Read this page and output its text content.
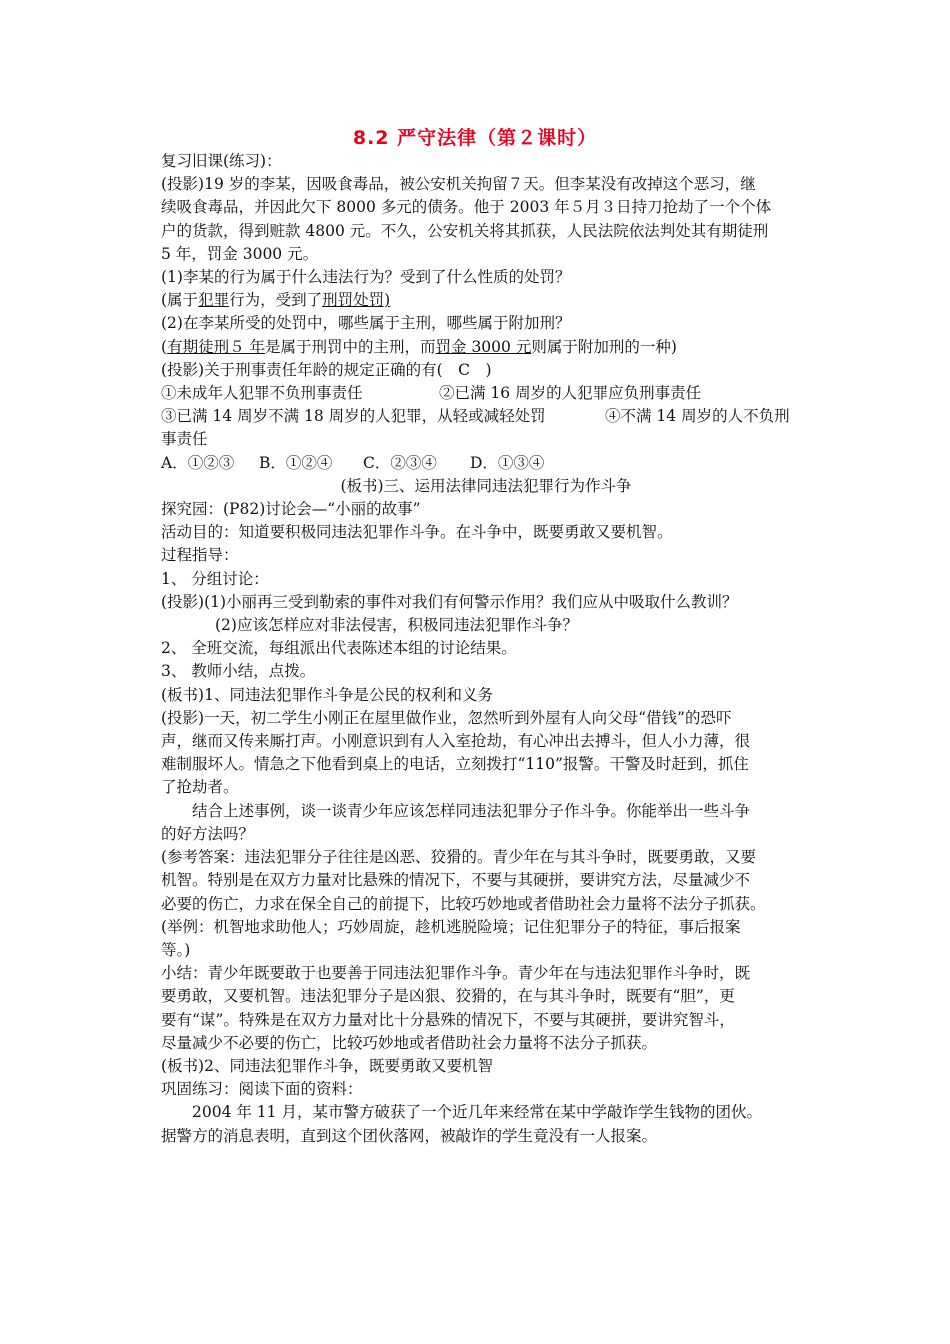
8.2 严守法律（第２课时）

复习旧课(练习)：

(投影)19 岁的李某，因吸食毒品，被公安机关拘留７天。但李某没有改掉这个恶习，继

续吸食毒品，并因此欠下 8000 多元的债务。他于 2003 年５月３日持刀抢劫了一个个体

户的货款，得到赃款 4800 元。不久，公安机关将其抓获，人民法院依法判处其有期徒刑

5 年，罚金 3000 元。

(1)李某的行为属于什么违法行为？受到了什么性质的处罚？

(属于犯罪行为，受到了刑罚处罚)

(2)在李某所受的处罚中，哪些属于主刑，哪些属于附加刑？

(有期徒刑５ 年是属于刑罚中的主刑，而罚金 3000 元则属于附加刑的一种)

(投影)关于刑事责任年龄的规定正确的有(　C　)

①未成年人犯罪不负刑事责任	②已满 16 周岁的人犯罪应负刑事责任

③已满 14 周岁不满 18 周岁的人犯罪，从轻或减轻处罚	④不满 14 周岁的人不负刑

事责任

A．①②③ B．①②④ C．②③④ D．①③④

(板书)三、运用法律同违法犯罪行为作斗争

探究园：(P82)讨论会—“小丽的故事”

活动目的：知道要积极同违法犯罪作斗争。在斗争中，既要勇敢又要机智。

过程指导：

1、 分组讨论：

(投影)(1)小丽再三受到勒索的事件对我们有何警示作用？我们应从中吸取什么教训？

(2)应该怎样应对非法侵害，积极同违法犯罪作斗争？

2、 全班交流，每组派出代表陈述本组的讨论结果。

3、 教师小结，点拨。

(板书)1、同违法犯罪作斗争是公民的权利和义务

(投影)一天，初二学生小刚正在屋里做作业，忽然听到外屋有人向父母“借钱”的恐吓

声，继而又传来厮打声。小刚意识到有人入室抢劫，有心冲出去搏斗，但人小力薄，很

难制服坏人。情急之下他看到桌上的电话，立刻拨打“110”报警。干警及时赶到，抓住

了抢劫者。

结合上述事例，谈一谈青少年应该怎样同违法犯罪分子作斗争。你能举出一些斗争

的好方法吗？

(参考答案：违法犯罪分子往往是凶恶、狡猾的。青少年在与其斗争时，既要勇敢，又要

机智。特别是在双方力量对比悬殊的情况下，不要与其硬拼，要讲究方法，尽量减少不

必要的伤亡，力求在保全自己的前提下，比较巧妙地或者借助社会力量将不法分子抓获。

(举例：机智地求助他人；巧妙周旋，趁机逃脱险境；记住犯罪分子的特征，事后报案

等。)

小结：青少年既要敢于也要善于同违法犯罪作斗争。青少年在与违法犯罪作斗争时，既

要勇敢，又要机智。违法犯罪分子是凶狠、狡猾的，在与其斗争时，既要有“胆”，更

要有“谋”。特殊是在双方力量对比十分悬殊的情况下，不要与其硬拼，要讲究智斗，

尽量减少不必要的伤亡，比较巧妙地或者借助社会力量将不法分子抓获。

(板书)2、同违法犯罪作斗争，既要勇敢又要机智

巩固练习：阅读下面的资料：

2004 年 11 月，某市警方破获了一个近几年来经常在某中学敲诈学生钱物的团伙。

据警方的消息表明，直到这个团伙落网，被敲诈的学生竟没有一人报案。
